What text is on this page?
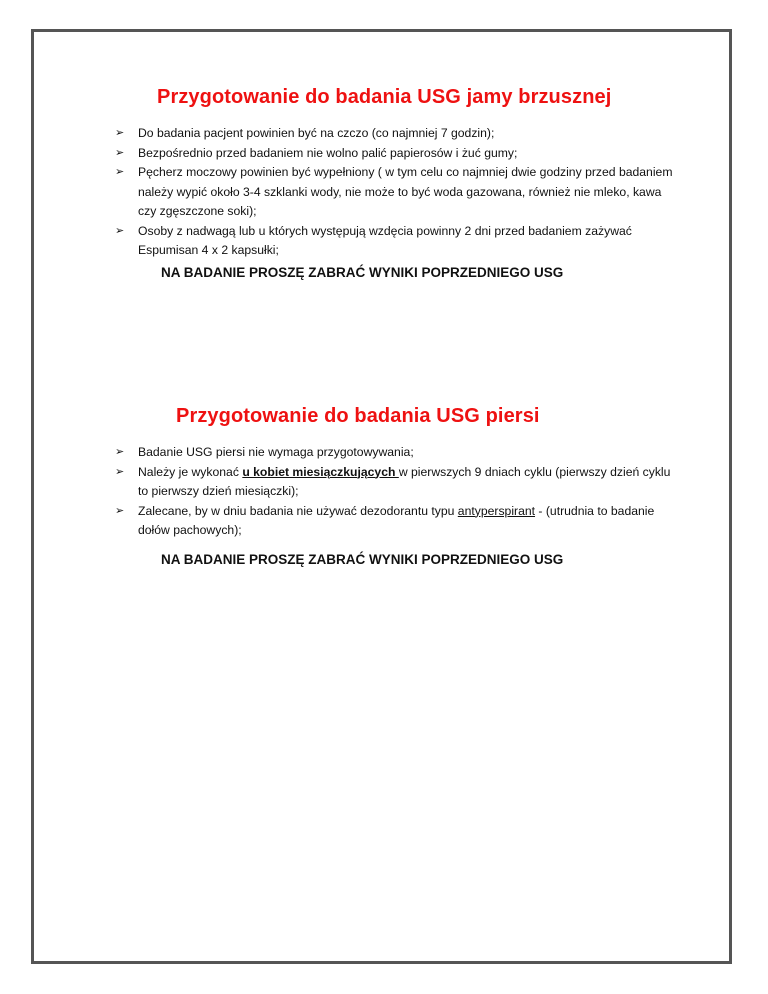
Przygotowanie do badania USG jamy brzusznej
➢ Do badania pacjent powinien być na czczo (co najmniej 7 godzin);
➢ Bezpośrednio przed badaniem nie wolno palić papierosów i żuć gumy;
➢ Pęcherz moczowy powinien być wypełniony ( w tym celu co najmniej dwie godziny przed badaniem należy wypić około 3-4 szklanki wody, nie może to być woda gazowana, również nie mleko, kawa czy zgęszczone soki);
➢ Osoby z nadwagą lub u których występują wzdęcia powinny 2 dni przed badaniem zażywać Espumisan 4 x 2 kapsułki;
NA BADANIE PROSZĘ ZABRAĆ WYNIKI POPRZEDNIEGO USG
Przygotowanie do badania USG piersi
➢ Badanie USG piersi nie wymaga przygotowywania;
➢ Należy je wykonać u kobiet miesiączkujących w pierwszych 9 dniach cyklu (pierwszy dzień cyklu to pierwszy dzień miesiączki);
➢ Zalecane, by w dniu badania nie używać dezodorantu typu antyperspirant - (utrudnia to badanie dołów pachowych);
NA BADANIE PROSZĘ ZABRAĆ WYNIKI POPRZEDNIEGO USG
